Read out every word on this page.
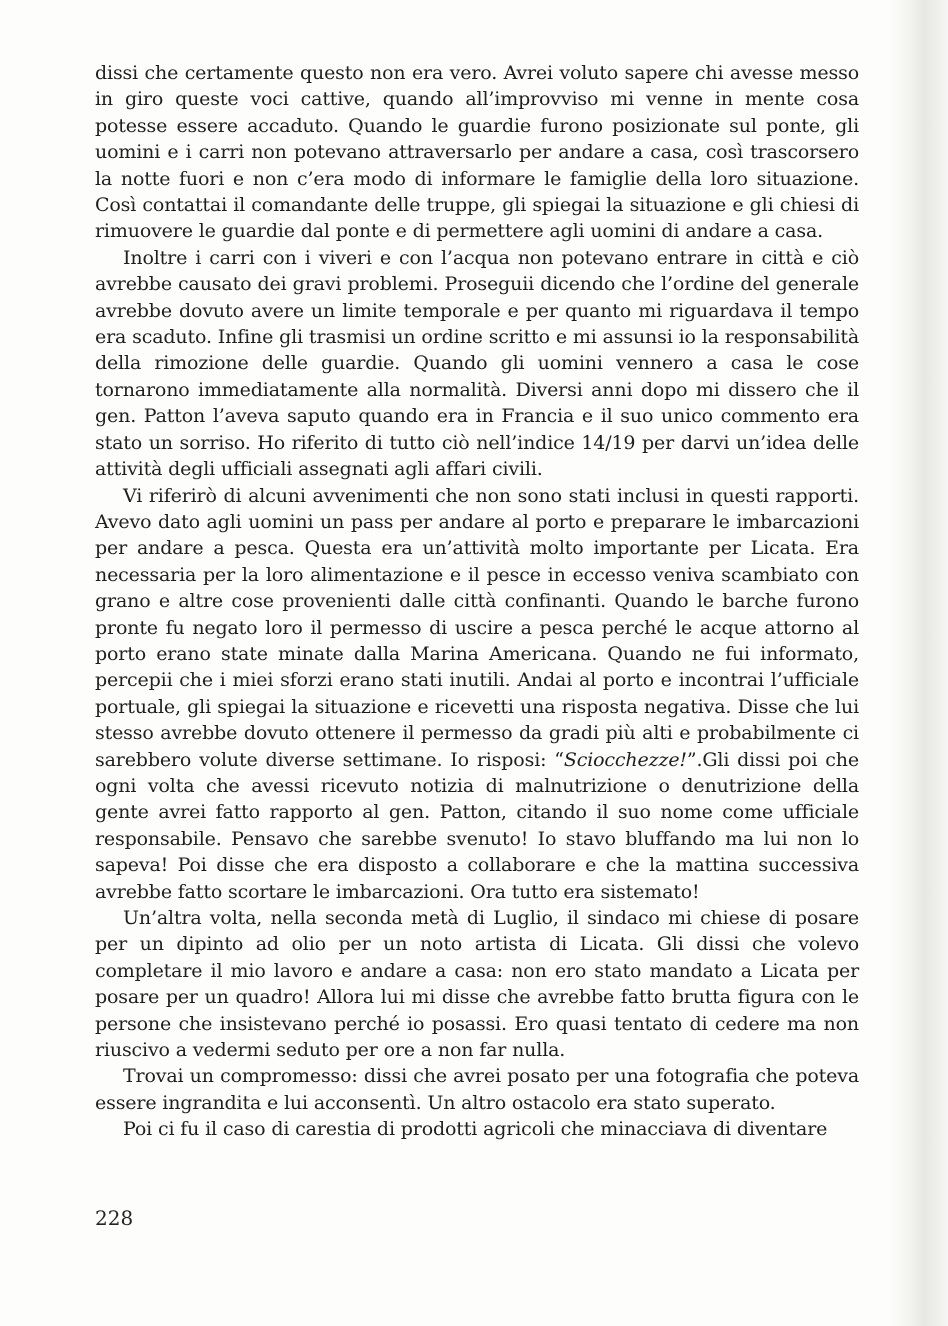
dissi che certamente questo non era vero. Avrei voluto sapere chi avesse messo in giro queste voci cattive, quando all’improvviso mi venne in mente cosa potesse essere accaduto. Quando le guardie furono posizionate sul ponte, gli uomini e i carri non potevano attraversarlo per andare a casa, così trascorsero la notte fuori e non c’era modo di informare le famiglie della loro situazione. Così contattai il comandante delle truppe, gli spiegai la situazione e gli chiesi di rimuovere le guardie dal ponte e di permettere agli uomini di andare a casa.

Inoltre i carri con i viveri e con l’acqua non potevano entrare in città e ciò avrebbe causato dei gravi problemi. Proseguii dicendo che l’ordine del generale avrebbe dovuto avere un limite temporale e per quanto mi riguardava il tempo era scaduto. Infine gli trasmisi un ordine scritto e mi assunsi io la responsabilità della rimozione delle guardie. Quando gli uomini vennero a casa le cose tornarono immediatamente alla normalità. Diversi anni dopo mi dissero che il gen. Patton l’aveva saputo quando era in Francia e il suo unico commento era stato un sorriso. Ho riferito di tutto ciò nell’indice 14/19 per darvi un’idea delle attività degli ufficiali assegnati agli affari civili.

Vi riferirò di alcuni avvenimenti che non sono stati inclusi in questi rapporti. Avevo dato agli uomini un pass per andare al porto e preparare le imbarcazioni per andare a pesca. Questa era un’attività molto importante per Licata. Era necessaria per la loro alimentazione e il pesce in eccesso veniva scambiato con grano e altre cose provenienti dalle città confinanti. Quando le barche furono pronte fu negato loro il permesso di uscire a pesca perché le acque attorno al porto erano state minate dalla Marina Americana. Quando ne fui informato, percepii che i miei sforzi erano stati inutili. Andai al porto e incontrai l’ufficiale portuale, gli spiegai la situazione e ricevetti una risposta negativa. Disse che lui stesso avrebbe dovuto ottenere il permesso da gradi più alti e probabilmente ci sarebbero volute diverse settimane. Io risposi: “Sciocchezze!”.Gli dissi poi che ogni volta che avessi ricevuto notizia di malnutrizione o denutrizione della gente avrei fatto rapporto al gen. Patton, citando il suo nome come ufficiale responsabile. Pensavo che sarebbe svenuto! Io stavo bluffando ma lui non lo sapeva! Poi disse che era disposto a collaborare e che la mattina successiva avrebbe fatto scortare le imbarcazioni. Ora tutto era sistemato!

Un’altra volta, nella seconda metà di Luglio, il sindaco mi chiese di posare per un dipinto ad olio per un noto artista di Licata. Gli dissi che volevo completare il mio lavoro e andare a casa: non ero stato mandato a Licata per posare per un quadro! Allora lui mi disse che avrebbe fatto brutta figura con le persone che insistevano perché io posassi. Ero quasi tentato di cedere ma non riuscivo a vedermi seduto per ore a non far nulla.

Trovai un compromesso: dissi che avrei posato per una fotografia che poteva essere ingrandita e lui acconsentì. Un altro ostacolo era stato superato.

Poi ci fu il caso di carestia di prodotti agricoli che minacciava di diventare

228
